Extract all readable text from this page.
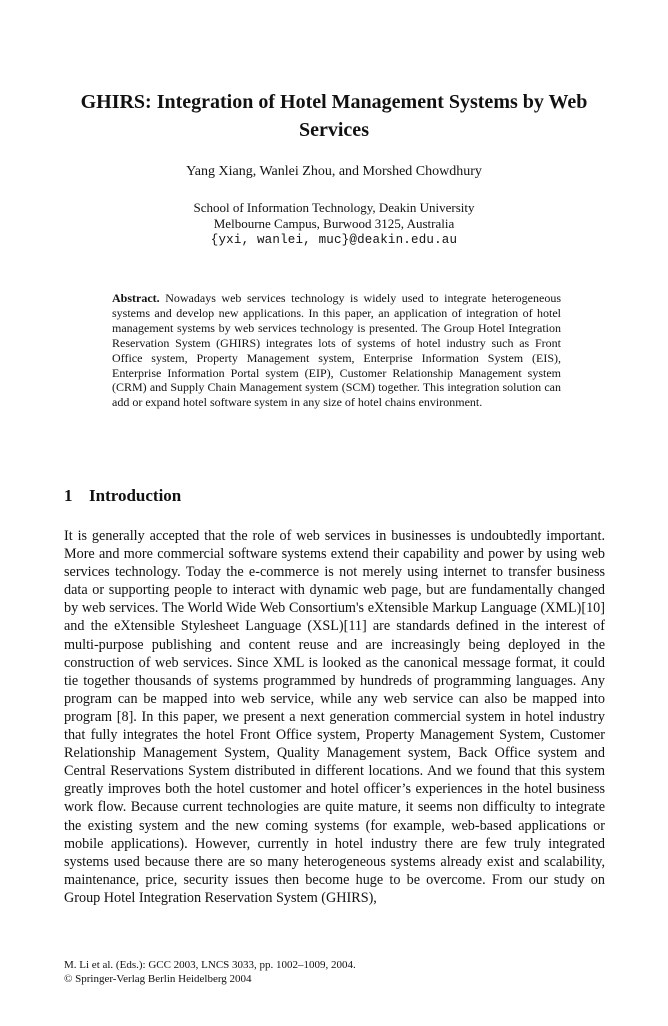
GHIRS: Integration of Hotel Management Systems by Web Services
Yang Xiang, Wanlei Zhou, and Morshed Chowdhury
School of Information Technology, Deakin University
Melbourne Campus, Burwood 3125, Australia
{yxi, wanlei, muc}@deakin.edu.au
Abstract. Nowadays web services technology is widely used to integrate heterogeneous systems and develop new applications. In this paper, an application of integration of hotel management systems by web services technology is presented. The Group Hotel Integration Reservation System (GHIRS) integrates lots of systems of hotel industry such as Front Office system, Property Management system, Enterprise Information System (EIS), Enterprise Information Portal system (EIP), Customer Relationship Management system (CRM) and Supply Chain Management system (SCM) together. This integration solution can add or expand hotel software system in any size of hotel chains environment.
1 Introduction
It is generally accepted that the role of web services in businesses is undoubtedly important. More and more commercial software systems extend their capability and power by using web services technology. Today the e-commerce is not merely using internet to transfer business data or supporting people to interact with dynamic web page, but are fundamentally changed by web services. The World Wide Web Consortium's eXtensible Markup Language (XML)[10] and the eXtensible Stylesheet Language (XSL)[11] are standards defined in the interest of multi-purpose publishing and content reuse and are increasingly being deployed in the construction of web services. Since XML is looked as the canonical message format, it could tie together thousands of systems programmed by hundreds of programming languages. Any program can be mapped into web service, while any web service can also be mapped into program [8]. In this paper, we present a next generation commercial system in hotel industry that fully integrates the hotel Front Office system, Property Management System, Customer Relationship Management System, Quality Management system, Back Office system and Central Reservations System distributed in different locations. And we found that this system greatly improves both the hotel customer and hotel officer’s experiences in the hotel business work flow. Because current technologies are quite mature, it seems non difficulty to integrate the existing system and the new coming systems (for example, web-based applications or mobile applications). However, currently in hotel industry there are few truly integrated systems used because there are so many heterogeneous systems already exist and scalability, maintenance, price, security issues then become huge to be overcome. From our study on Group Hotel Integration Reservation System (GHIRS),
M. Li et al. (Eds.): GCC 2003, LNCS 3033, pp. 1002–1009, 2004.
© Springer-Verlag Berlin Heidelberg 2004
